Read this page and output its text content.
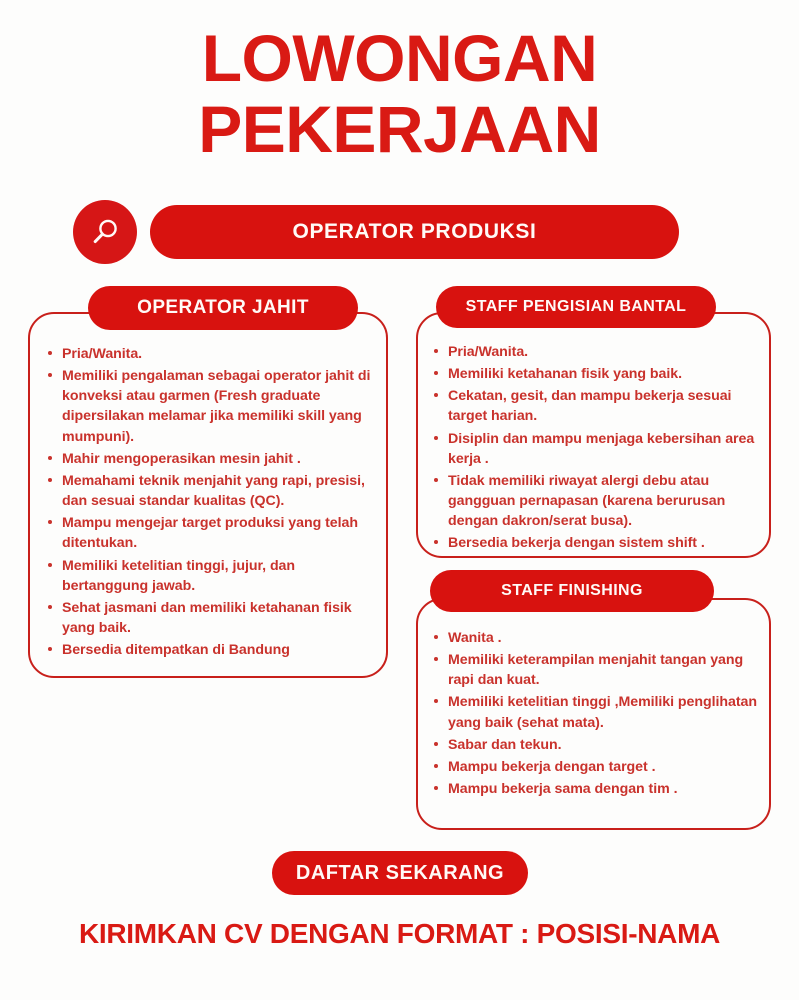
LOWONGAN
PEKERJAAN
OPERATOR PRODUKSI
OPERATOR JAHIT
Pria/Wanita.
Memiliki pengalaman sebagai operator jahit di konveksi atau garmen (Fresh graduate dipersilakan melamar jika memiliki skill yang mumpuni).
Mahir mengoperasikan mesin jahit .
Memahami teknik menjahit yang rapi, presisi, dan sesuai standar kualitas (QC).
Mampu mengejar target produksi yang telah ditentukan.
Memiliki ketelitian tinggi, jujur, dan bertanggung jawab.
Sehat jasmani dan memiliki ketahanan fisik yang baik.
Bersedia ditempatkan di Bandung
STAFF PENGISIAN BANTAL
Pria/Wanita.
Memiliki ketahanan fisik yang baik.
Cekatan, gesit, dan mampu bekerja sesuai target harian.
Disiplin dan mampu menjaga kebersihan area kerja .
Tidak memiliki riwayat alergi debu atau gangguan pernapasan (karena berurusan dengan dakron/serat busa).
Bersedia bekerja dengan sistem shift .
STAFF FINISHING
Wanita .
Memiliki keterampilan menjahit tangan yang rapi dan kuat.
Memiliki ketelitian tinggi ,Memiliki penglihatan yang baik (sehat mata).
Sabar dan tekun.
Mampu bekerja dengan target .
Mampu bekerja sama dengan tim .
DAFTAR SEKARANG
KIRIMKAN CV DENGAN FORMAT : POSISI-NAMA
